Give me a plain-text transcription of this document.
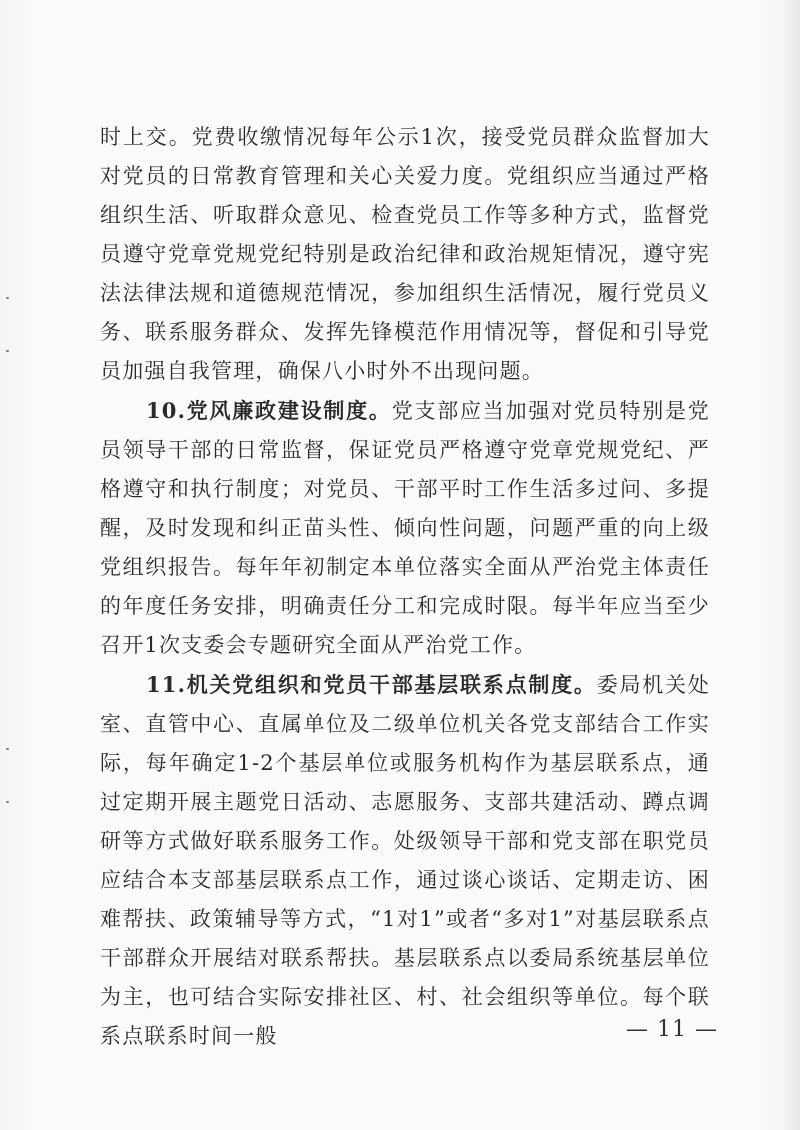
时上交。党费收缴情况每年公示1次，接受党员群众监督加大对党员的日常教育管理和关心关爱力度。党组织应当通过严格组织生活、听取群众意见、检查党员工作等多种方式，监督党员遵守党章党规党纪特别是政治纪律和政治规矩情况，遵守宪法法律法规和道德规范情况，参加组织生活情况，履行党员义务、联系服务群众、发挥先锋模范作用情况等，督促和引导党员加强自我管理，确保八小时外不出现问题。

10.党风廉政建设制度。党支部应当加强对党员特别是党员领导干部的日常监督，保证党员严格遵守党章党规党纪、严格遵守和执行制度；对党员、干部平时工作生活多过问、多提醒，及时发现和纠正苗头性、倾向性问题，问题严重的向上级党组织报告。每年年初制定本单位落实全面从严治党主体责任的年度任务安排，明确责任分工和完成时限。每半年应当至少召开1次支委会专题研究全面从严治党工作。

11.机关党组织和党员干部基层联系点制度。委局机关处室、直管中心、直属单位及二级单位机关各党支部结合工作实际，每年确定1-2个基层单位或服务机构作为基层联系点，通过定期开展主题党日活动、志愿服务、支部共建活动、蹲点调研等方式做好联系服务工作。处级领导干部和党支部在职党员应结合本支部基层联系点工作，通过谈心谈话、定期走访、困难帮扶、政策辅导等方式，“1对1”或者“多对1”对基层联系点干部群众开展结对联系帮扶。基层联系点以委局系统基层单位为主，也可结合实际安排社区、村、社会组织等单位。每个联系点联系时间一般	— 11 —
